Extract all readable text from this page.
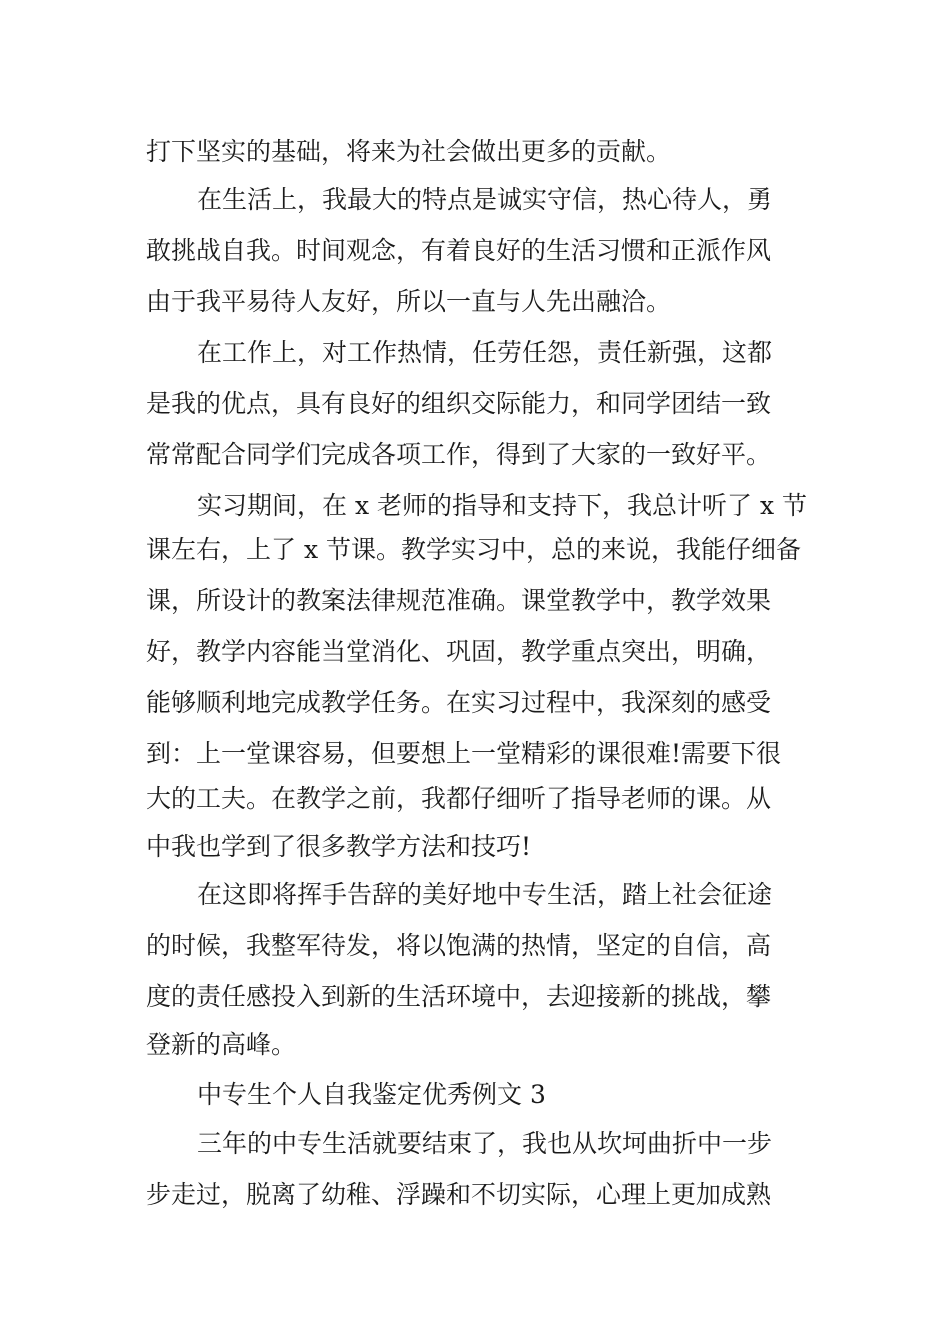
打下坚实的基础，将来为社会做出更多的贡献。
在生活上，我最大的特点是诚实守信，热心待人，勇
敢挑战自我。时间观念，有着良好的生活习惯和正派作风
由于我平易待人友好，所以一直与人先出融洽。
在工作上，对工作热情，任劳任怨，责任新强，这都
是我的优点，具有良好的组织交际能力，和同学团结一致
常常配合同学们完成各项工作，得到了大家的一致好平。
实习期间，在 x 老师的指导和支持下，我总计听了 x 节
课左右，上了 x 节课。教学实习中，总的来说，我能仔细备
课，所设计的教案法律规范准确。课堂教学中，教学效果
好，教学内容能当堂消化、巩固，教学重点突出，明确，
能够顺利地完成教学任务。在实习过程中，我深刻的感受
到：上一堂课容易，但要想上一堂精彩的课很难!需要下很
大的工夫。在教学之前，我都仔细听了指导老师的课。从
中我也学到了很多教学方法和技巧!
在这即将挥手告辞的美好地中专生活，踏上社会征途
的时候，我整军待发，将以饱满的热情，坚定的自信，高
度的责任感投入到新的生活环境中，去迎接新的挑战，攀
登新的高峰。
中专生个人自我鉴定优秀例文 3
三年的中专生活就要结束了，我也从坎坷曲折中一步
步走过，脱离了幼稚、浮躁和不切实际，心理上更加成熟
